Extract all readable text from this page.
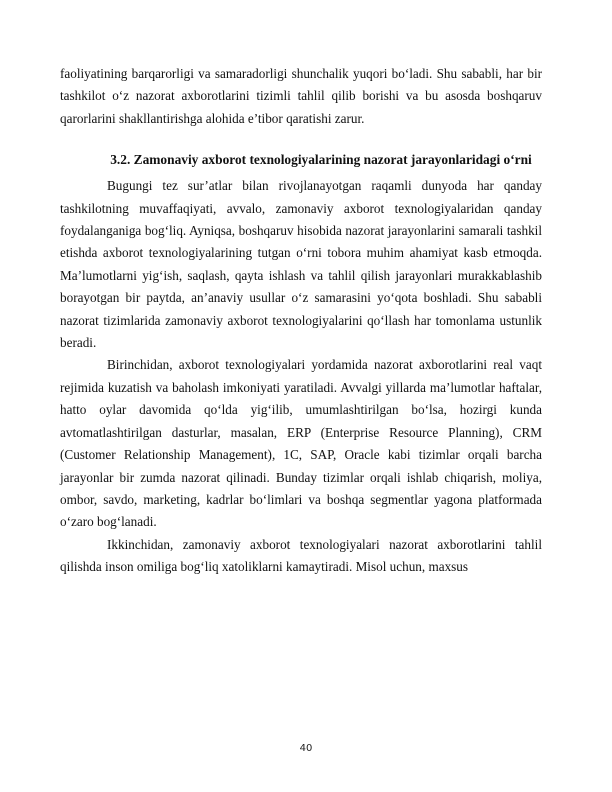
faoliyatining barqarorligi va samaradorligi shunchalik yuqori bo‘ladi. Shu sababli, har bir tashkilot o‘z nazorat axborotlarini tizimli tahlil qilib borishi va bu asosda boshqaruv qarorlarini shakllantirishga alohida e’tibor qaratishi zarur.

3.2. Zamonaviy axborot texnologiyalarining nazorat jarayonlaridagi o‘rni

Bugungi tez sur’atlar bilan rivojlanayotgan raqamli dunyoda har qanday tashkilotning muvaffaqiyati, avvalo, zamonaviy axborot texnologiyalaridan qanday foydalanganiga bog‘liq. Ayniqsa, boshqaruv hisobida nazorat jarayonlarini samarali tashkil etishda axborot texnologiyalarining tutgan o‘rni tobora muhim ahamiyat kasb etmoqda. Ma’lumotlarni yig‘ish, saqlash, qayta ishlash va tahlil qilish jarayonlari murakkablashib borayotgan bir paytda, an’anaviy usullar o‘z samarasini yo‘qota boshladi. Shu sababli nazorat tizimlarida zamonaviy axborot texnologiyalarini qo‘llash har tomonlama ustunlik beradi.

Birinchidan, axborot texnologiyalari yordamida nazorat axborotlarini real vaqt rejimida kuzatish va baholash imkoniyati yaratiladi. Avvalgi yillarda ma’lumotlar haftalar, hatto oylar davomida qo‘lda yig‘ilib, umumlashtirilgan bo‘lsa, hozirgi kunda avtomatlashtirilgan dasturlar, masalan, ERP (Enterprise Resource Planning), CRM (Customer Relationship Management), 1C, SAP, Oracle kabi tizimlar orqali barcha jarayonlar bir zumda nazorat qilinadi. Bunday tizimlar orqali ishlab chiqarish, moliya, ombor, savdo, marketing, kadrlar bo‘limlari va boshqa segmentlar yagona platformada o‘zaro bog‘lanadi.

Ikkinchidan, zamonaviy axborot texnologiyalari nazorat axborotlarini tahlil qilishda inson omiliga bog‘liq xatoliklarni kamaytiradi. Misol uchun, maxsus

40
